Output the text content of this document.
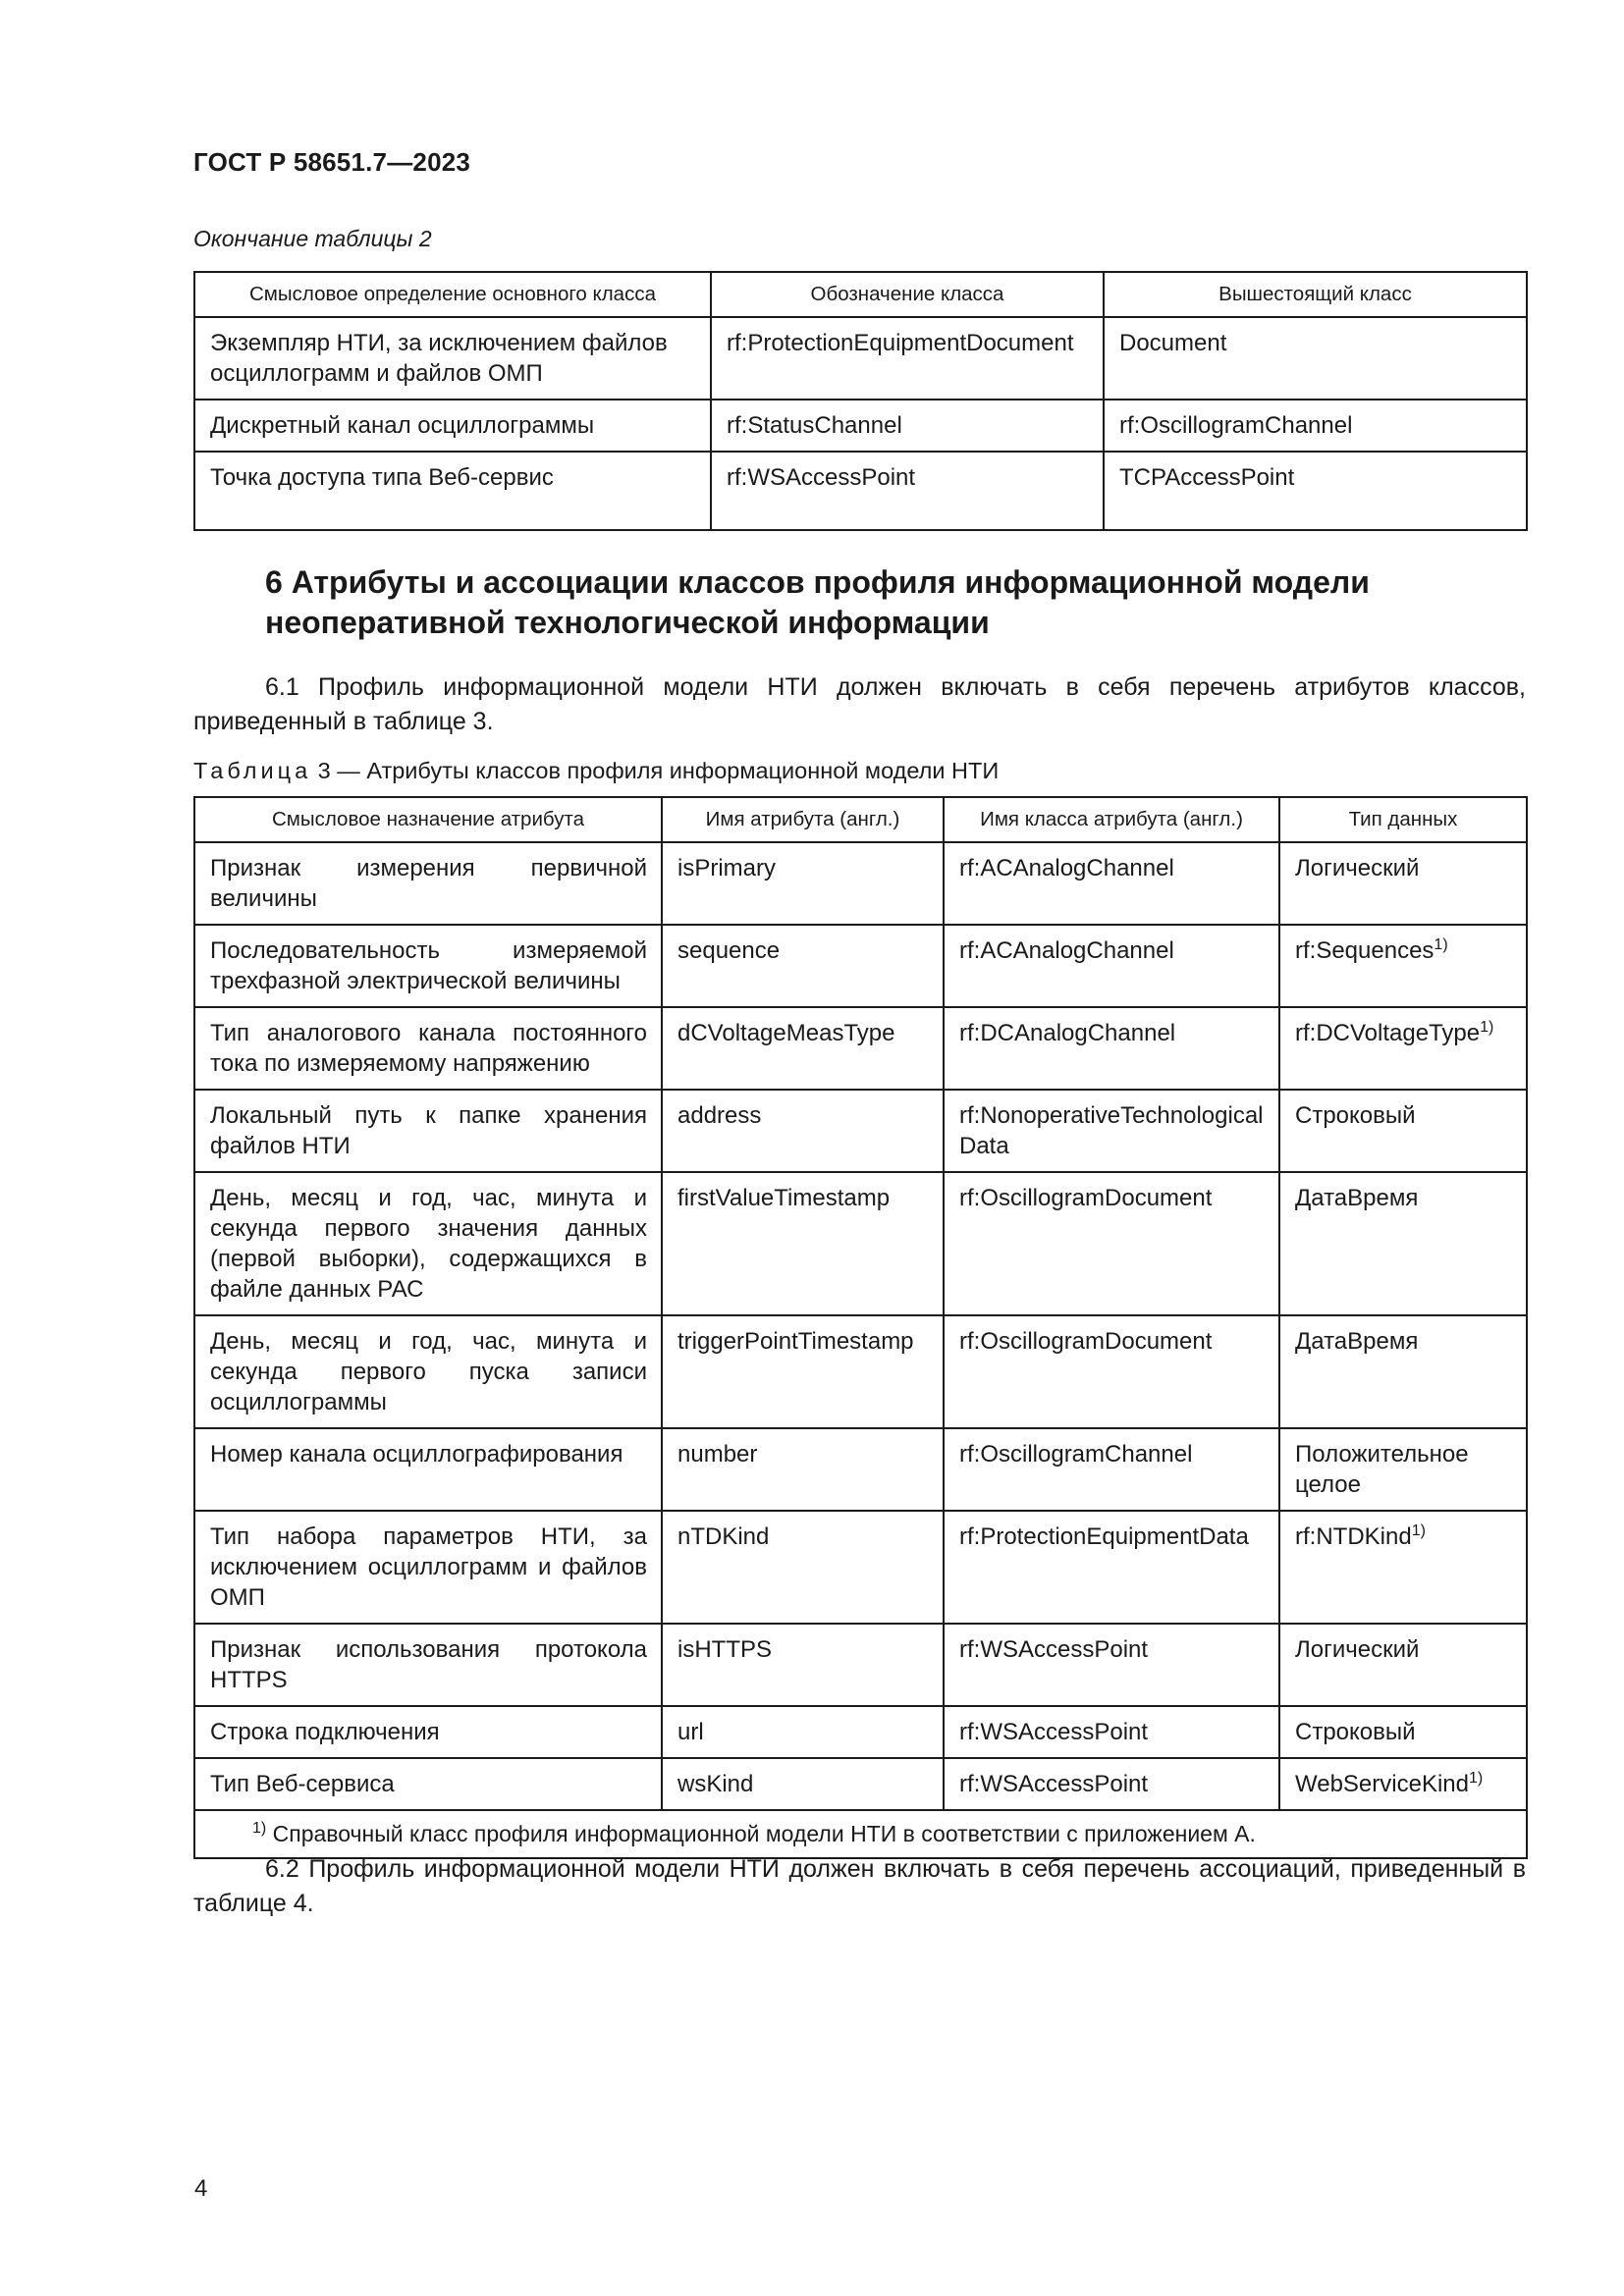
ГОСТ Р 58651.7—2023
Окончание таблицы 2
Смысловое определение основного класса	Обозначение класса	Вышестоящий класс
Экземпляр НТИ, за исключением файлов осциллограмм и файлов ОМП	rf:ProtectionEquipmentDocument	Document
Дискретный канал осциллограммы	rf:StatusChannel	rf:OscillogramChannel
Точка доступа типа Веб-сервис	rf:WSAccessPoint	TCPAccessPoint
6 Атрибуты и ассоциации классов профиля информационной модели неоперативной технологической информации
6.1 Профиль информационной модели НТИ должен включать в себя перечень атрибутов классов, приведенный в таблице 3.
Таблица 3 — Атрибуты классов профиля информационной модели НТИ
Смысловое назначение атрибута	Имя атрибута (англ.)	Имя класса атрибута (англ.)	Тип данных
Признак измерения первичной величины	isPrimary	rf:ACAnalogChannel	Логический
Последовательность измеряемой трехфазной электрической величины	sequence	rf:ACAnalogChannel	rf:Sequences$^{1)}$
Тип аналогового канала постоянного тока по измеряемому напряжению	dCVoltageMeasType	rf:DCAnalogChannel	rf:DCVoltageType$^{1)}$
Локальный путь к папке хранения файлов НТИ	address	rf:NonoperativeTechnologicalData	Строковый
День, месяц и год, час, минута и секунда первого значения данных (первой выборки), содержащихся в файле данных РАС	firstValueTimestamp	rf:OscillogramDocument	ДатаВремя
День, месяц и год, час, минута и секунда первого пуска записи осциллограммы	triggerPointTimestamp	rf:OscillogramDocument	ДатаВремя
Номер канала осциллографирования	number	rf:OscillogramChannel	Положительное целое
Тип набора параметров НТИ, за исключением осциллограмм и файлов ОМП	nTDKind	rf:ProtectionEquipmentData	rf:NTDKind$^{1)}$
Признак использования протокола HTTPS	isHTTPS	rf:WSAccessPoint	Логический
Строка подключения	url	rf:WSAccessPoint	Строковый
Тип Веб-сервиса	wsKind	rf:WSAccessPoint	WebServiceKind$^{1)}$
$^{1)}$ Справочный класс профиля информационной модели НТИ в соответствии с приложением А.			
6.2 Профиль информационной модели НТИ должен включать в себя перечень ассоциаций, приведенный в таблице 4.
4
